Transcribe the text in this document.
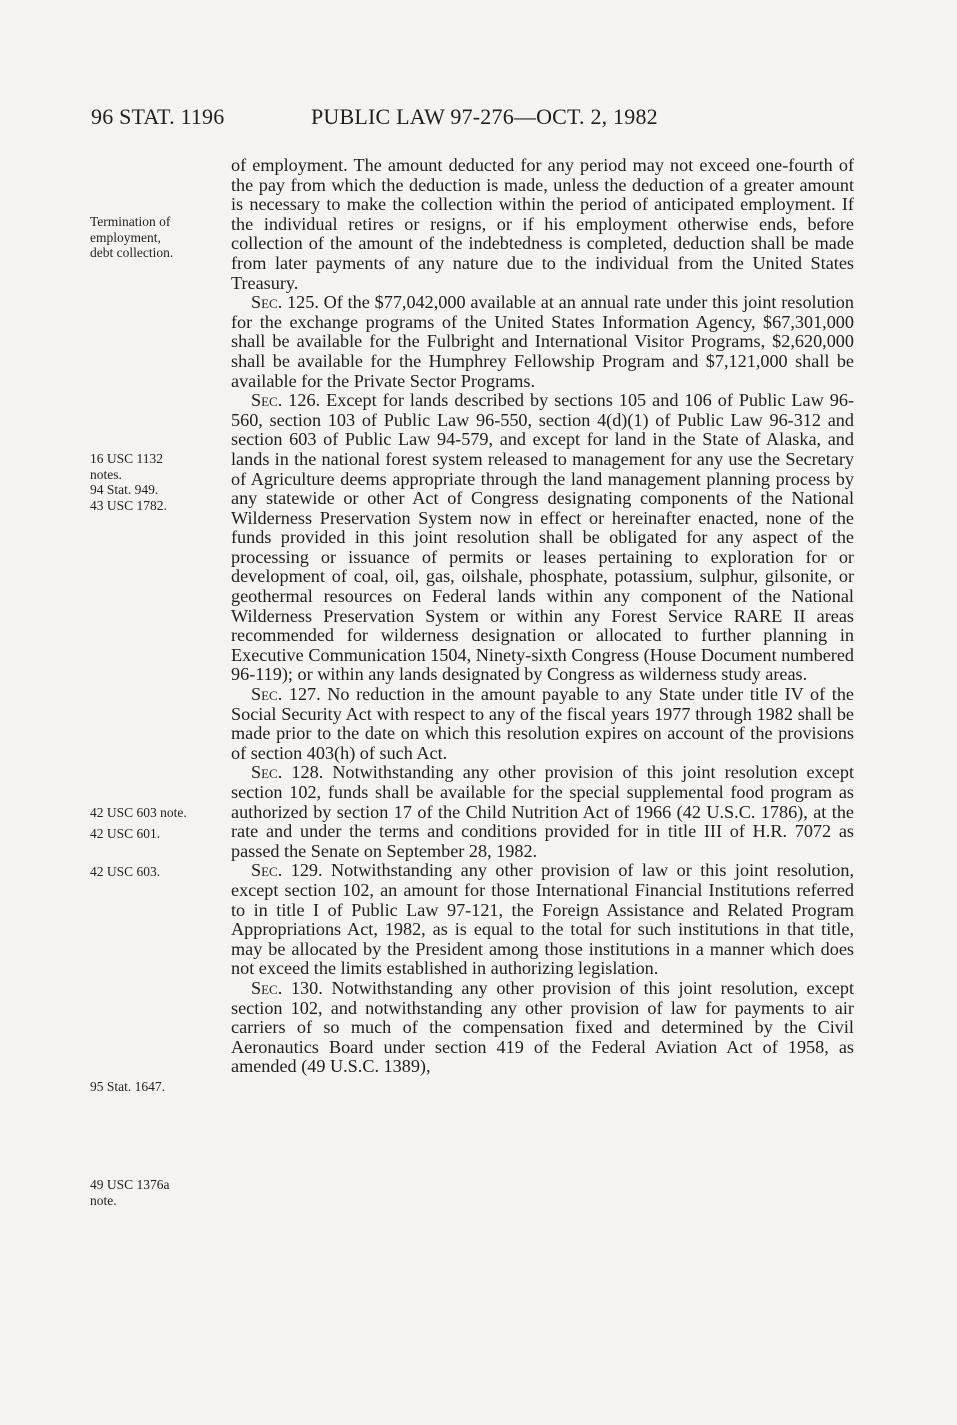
96 STAT. 1196	PUBLIC LAW 97-276—OCT. 2, 1982
Termination of
employment,
debt collection.
16 USC 1132
notes.
94 Stat. 949.
43 USC 1782.
42 USC 603 note.
42 USC 601.
42 USC 603.
95 Stat. 1647.
49 USC 1376a
note.

of employment. The amount deducted for any period may not exceed one-fourth of the pay from which the deduction is made, unless the deduction of a greater amount is necessary to make the collection within the period of anticipated employment. If the individual retires or resigns, or if his employment otherwise ends, before collection of the amount of the indebtedness is completed, deduction shall be made from later payments of any nature due to the individual from the United States Treasury.

Sec. 125. Of the $77,042,000 available at an annual rate under this joint resolution for the exchange programs of the United States Information Agency, $67,301,000 shall be available for the Fulbright and International Visitor Programs, $2,620,000 shall be available for the Humphrey Fellowship Program and $7,121,000 shall be available for the Private Sector Programs.

Sec. 126. Except for lands described by sections 105 and 106 of Public Law 96-560, section 103 of Public Law 96-550, section 4(d)(1) of Public Law 96-312 and section 603 of Public Law 94-579, and except for land in the State of Alaska, and lands in the national forest system released to management for any use the Secretary of Agriculture deems appropriate through the land management planning process by any statewide or other Act of Congress designating components of the National Wilderness Preservation System now in effect or hereinafter enacted, none of the funds provided in this joint resolution shall be obligated for any aspect of the processing or issuance of permits or leases pertaining to exploration for or development of coal, oil, gas, oilshale, phosphate, potassium, sulphur, gilsonite, or geothermal resources on Federal lands within any component of the National Wilderness Preservation System or within any Forest Service RARE II areas recommended for wilderness designation or allocated to further planning in Executive Communication 1504, Ninety-sixth Congress (House Document numbered 96-119); or within any lands designated by Congress as wilderness study areas.

Sec. 127. No reduction in the amount payable to any State under title IV of the Social Security Act with respect to any of the fiscal years 1977 through 1982 shall be made prior to the date on which this resolution expires on account of the provisions of section 403(h) of such Act.

Sec. 128. Notwithstanding any other provision of this joint resolution except section 102, funds shall be available for the special supplemental food program as authorized by section 17 of the Child Nutrition Act of 1966 (42 U.S.C. 1786), at the rate and under the terms and conditions provided for in title III of H.R. 7072 as passed the Senate on September 28, 1982.

Sec. 129. Notwithstanding any other provision of law or this joint resolution, except section 102, an amount for those International Financial Institutions referred to in title I of Public Law 97-121, the Foreign Assistance and Related Program Appropriations Act, 1982, as is equal to the total for such institutions in that title, may be allocated by the President among those institutions in a manner which does not exceed the limits established in authorizing legislation.

Sec. 130. Notwithstanding any other provision of this joint resolution, except section 102, and notwithstanding any other provision of law for payments to air carriers of so much of the compensation fixed and determined by the Civil Aeronautics Board under section 419 of the Federal Aviation Act of 1958, as amended (49 U.S.C. 1389),
